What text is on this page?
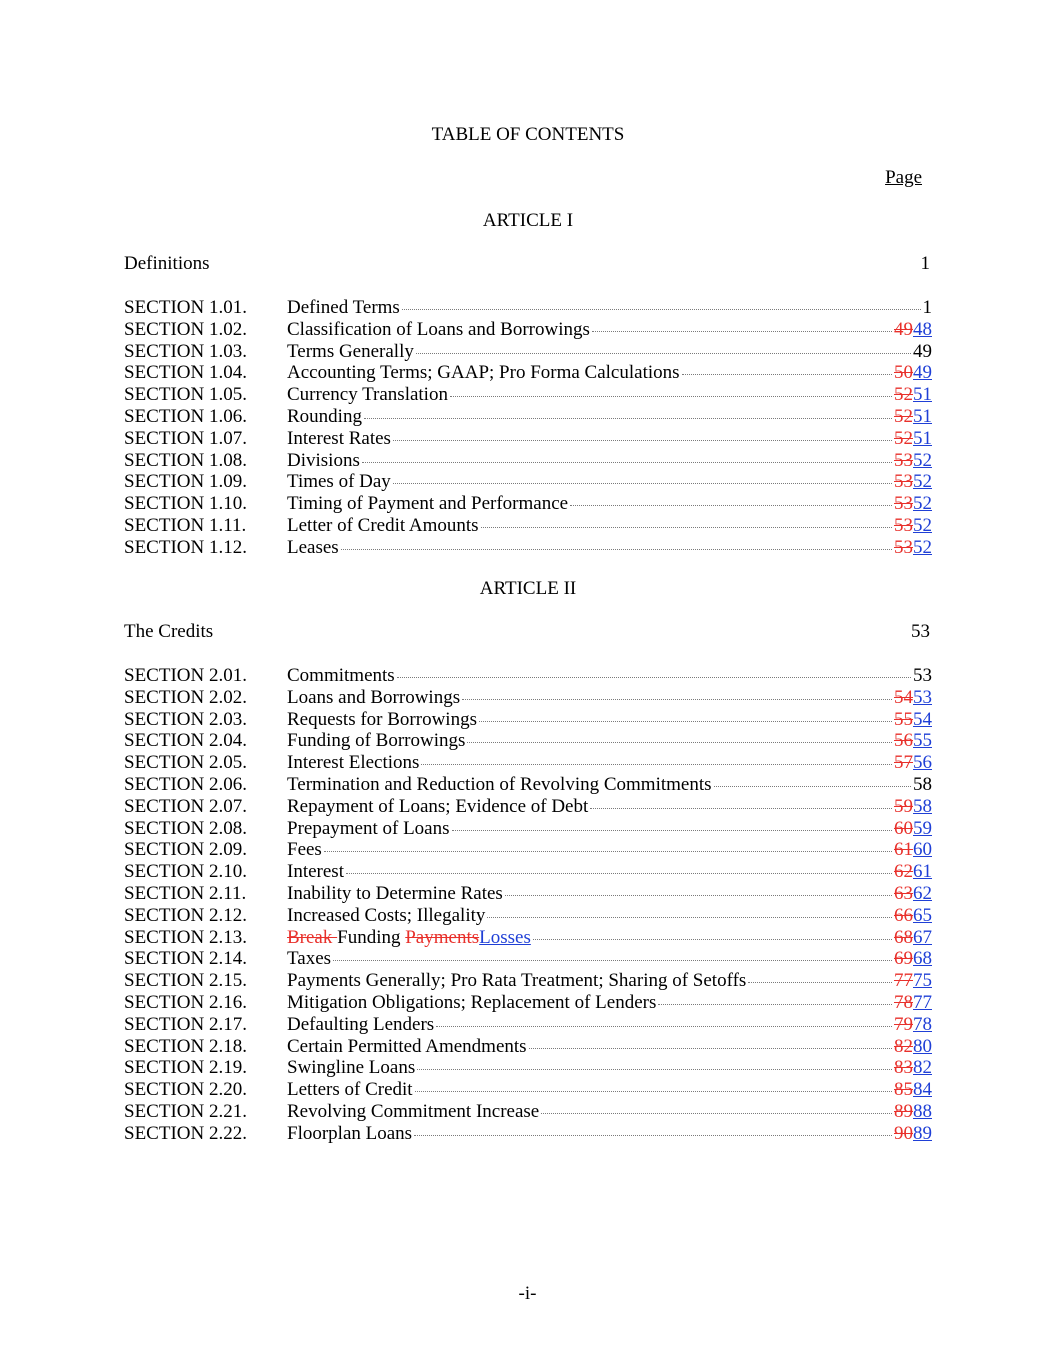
TABLE OF CONTENTS
Page
ARTICLE I
Definitions	1
SECTION 1.01.	Defined Terms	1
SECTION 1.02.	Classification of Loans and Borrowings	4948
SECTION 1.03.	Terms Generally	49
SECTION 1.04.	Accounting Terms; GAAP; Pro Forma Calculations	5049
SECTION 1.05.	Currency Translation	5251
SECTION 1.06.	Rounding	5251
SECTION 1.07.	Interest Rates	5251
SECTION 1.08.	Divisions	5352
SECTION 1.09.	Times of Day	5352
SECTION 1.10.	Timing of Payment and Performance	5352
SECTION 1.11.	Letter of Credit Amounts	5352
SECTION 1.12.	Leases	5352
ARTICLE II
The Credits	53
SECTION 2.01.	Commitments	53
SECTION 2.02.	Loans and Borrowings	5453
SECTION 2.03.	Requests for Borrowings	5554
SECTION 2.04.	Funding of Borrowings	5655
SECTION 2.05.	Interest Elections	5756
SECTION 2.06.	Termination and Reduction of Revolving Commitments	58
SECTION 2.07.	Repayment of Loans; Evidence of Debt	5958
SECTION 2.08.	Prepayment of Loans	6059
SECTION 2.09.	Fees	6160
SECTION 2.10.	Interest	6261
SECTION 2.11.	Inability to Determine Rates	6362
SECTION 2.12.	Increased Costs; Illegality	6665
SECTION 2.13.	Break Funding PaymentsLosses	6867
SECTION 2.14.	Taxes	6968
SECTION 2.15.	Payments Generally; Pro Rata Treatment; Sharing of Setoffs	7775
SECTION 2.16.	Mitigation Obligations; Replacement of Lenders	7877
SECTION 2.17.	Defaulting Lenders	7978
SECTION 2.18.	Certain Permitted Amendments	8280
SECTION 2.19.	Swingline Loans	8382
SECTION 2.20.	Letters of Credit	8584
SECTION 2.21.	Revolving Commitment Increase	8988
SECTION 2.22.	Floorplan Loans	9089
-i-
